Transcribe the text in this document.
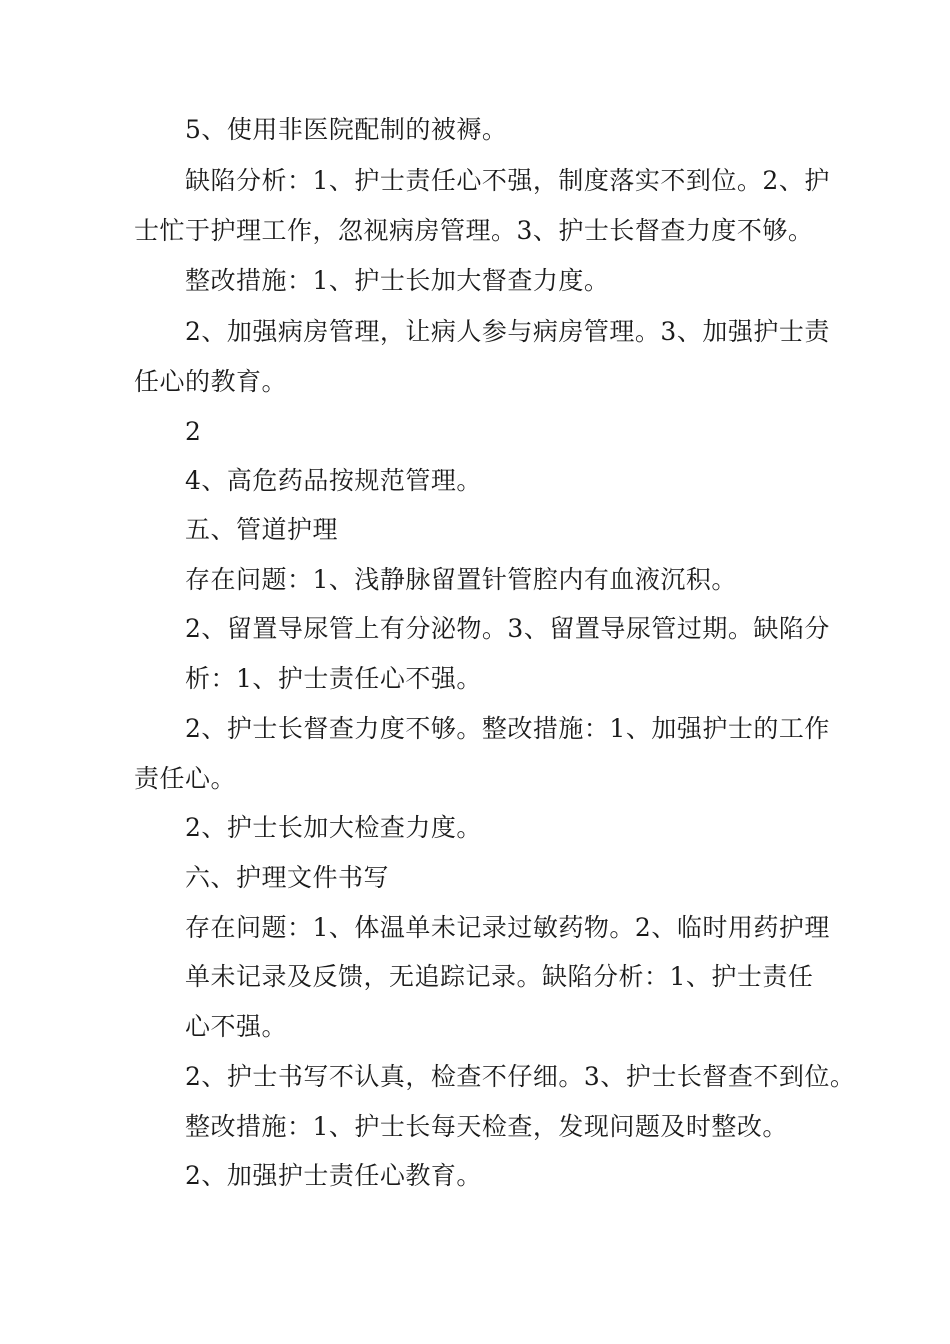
5、使用非医院配制的被褥。
缺陷分析：1、护士责任心不强，制度落实不到位。2、护
士忙于护理工作，忽视病房管理。3、护士长督查力度不够。
整改措施：1、护士长加大督查力度。
2、加强病房管理，让病人参与病房管理。3、加强护士责
任心的教育。
2
4、高危药品按规范管理。
五、管道护理
存在问题：1、浅静脉留置针管腔内有血液沉积。
2、留置导尿管上有分泌物。3、留置导尿管过期。缺陷分
析：1、护士责任心不强。
2、护士长督查力度不够。整改措施：1、加强护士的工作
责任心。
2、护士长加大检查力度。
六、护理文件书写
存在问题：1、体温单未记录过敏药物。2、临时用药护理
单未记录及反馈，无追踪记录。缺陷分析：1、护士责任
心不强。
2、护士书写不认真，检查不仔细。3、护士长督查不到位。
整改措施：1、护士长每天检查，发现问题及时整改。
2、加强护士责任心教育。
